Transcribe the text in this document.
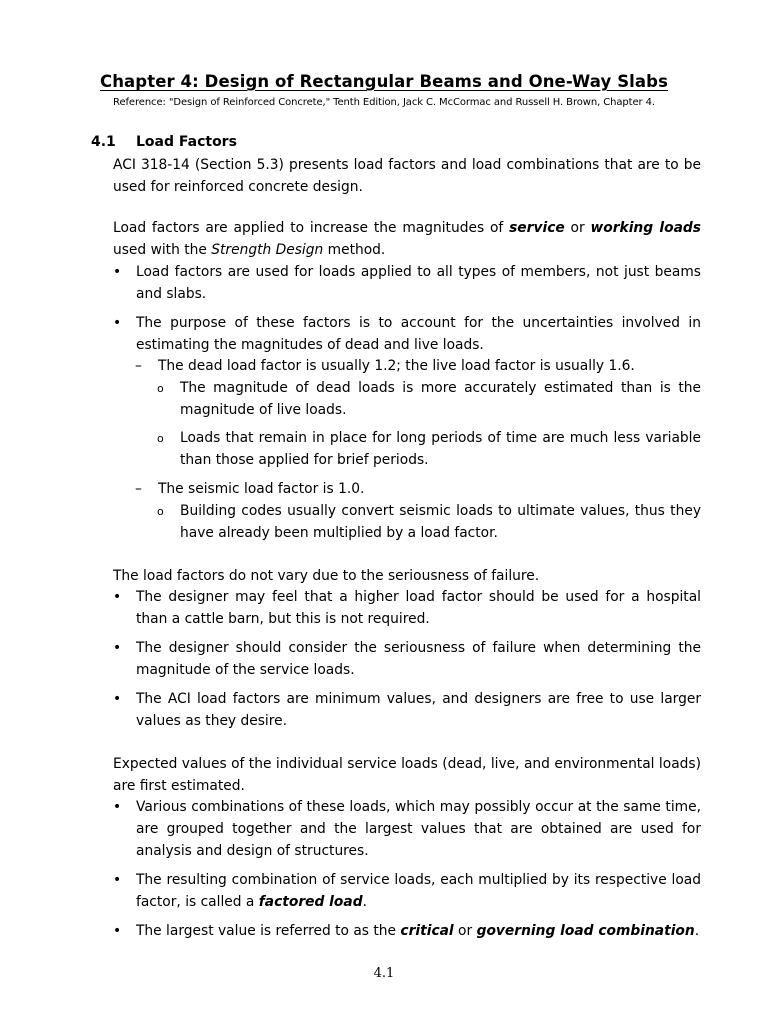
Chapter 4: Design of Rectangular Beams and One-Way Slabs
Reference: "Design of Reinforced Concrete," Tenth Edition, Jack C. McCormac and Russell H. Brown, Chapter 4.
4.1 Load Factors
ACI 318-14 (Section 5.3) presents load factors and load combinations that are to be used for reinforced concrete design.
Load factors are applied to increase the magnitudes of service or working loads used with the Strength Design method.
•	Load factors are used for loads applied to all types of members, not just beams and slabs.
•	The purpose of these factors is to account for the uncertainties involved in estimating the magnitudes of dead and live loads.
– The dead load factor is usually 1.2; the live load factor is usually 1.6.
o The magnitude of dead loads is more accurately estimated than is the magnitude of live loads.
o Loads that remain in place for long periods of time are much less variable than those applied for brief periods.
– The seismic load factor is 1.0.
o Building codes usually convert seismic loads to ultimate values, thus they have already been multiplied by a load factor.
The load factors do not vary due to the seriousness of failure.
•	The designer may feel that a higher load factor should be used for a hospital than a cattle barn, but this is not required.
•	The designer should consider the seriousness of failure when determining the magnitude of the service loads.
•	The ACI load factors are minimum values, and designers are free to use larger values as they desire.
Expected values of the individual service loads (dead, live, and environmental loads) are first estimated.
•	Various combinations of these loads, which may possibly occur at the same time, are grouped together and the largest values that are obtained are used for analysis and design of structures.
•	The resulting combination of service loads, each multiplied by its respective load factor, is called a factored load.
•	The largest value is referred to as the critical or governing load combination.
4.1
